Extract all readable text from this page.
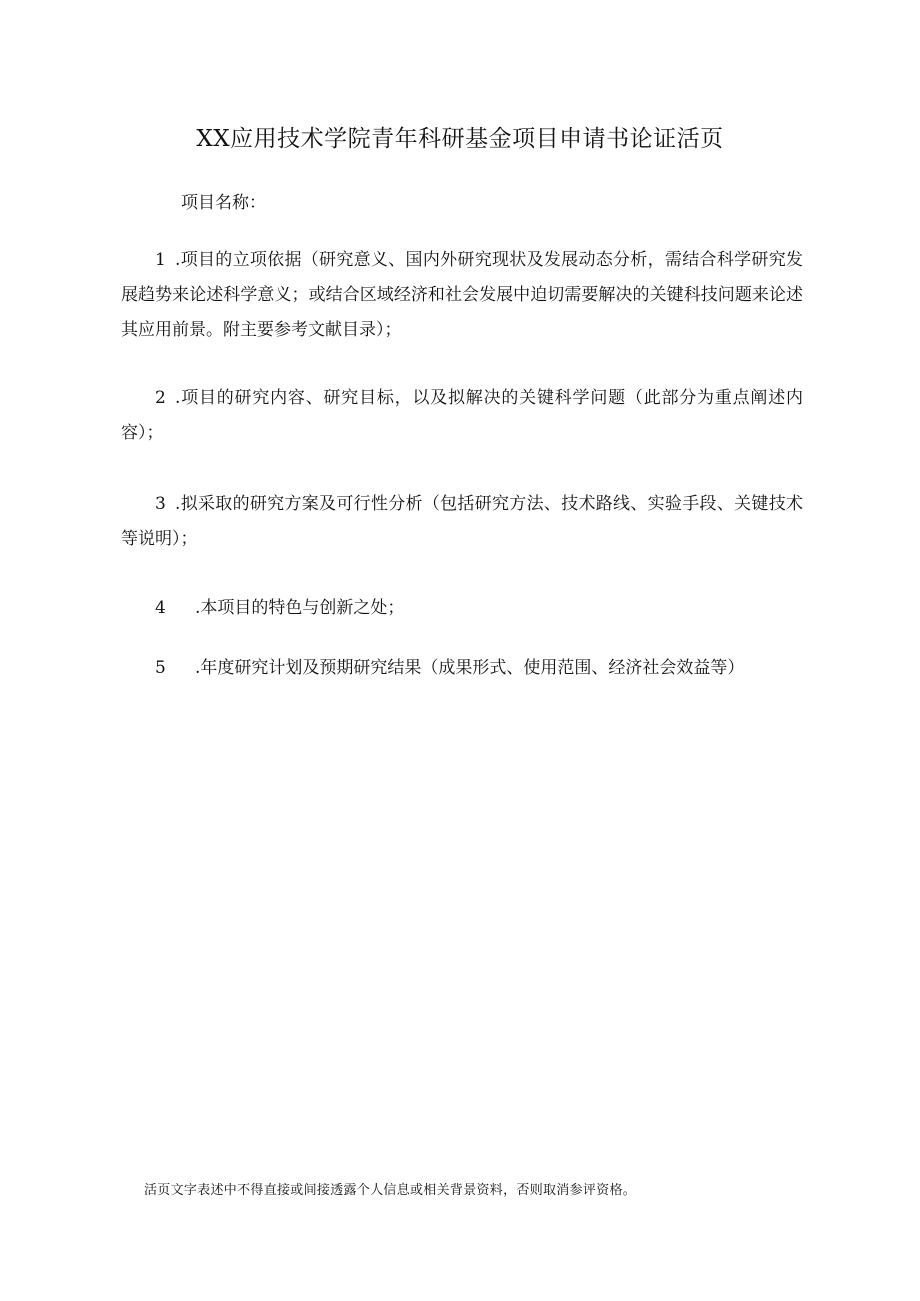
XX应用技术学院青年科研基金项目申请书论证活页
项目名称：
1 .项目的立项依据（研究意义、国内外研究现状及发展动态分析，需结合科学研究发展趋势来论述科学意义；或结合区域经济和社会发展中迫切需要解决的关键科技问题来论述其应用前景。附主要参考文献目录）；
2 .项目的研究内容、研究目标，以及拟解决的关键科学问题（此部分为重点阐述内容）；
3 .拟采取的研究方案及可行性分析（包括研究方法、技术路线、实验手段、关键技术等说明）；
4 .本项目的特色与创新之处；
5 .年度研究计划及预期研究结果（成果形式、使用范围、经济社会效益等）
活页文字表述中不得直接或间接透露个人信息或相关背景资料，否则取消参评资格。
